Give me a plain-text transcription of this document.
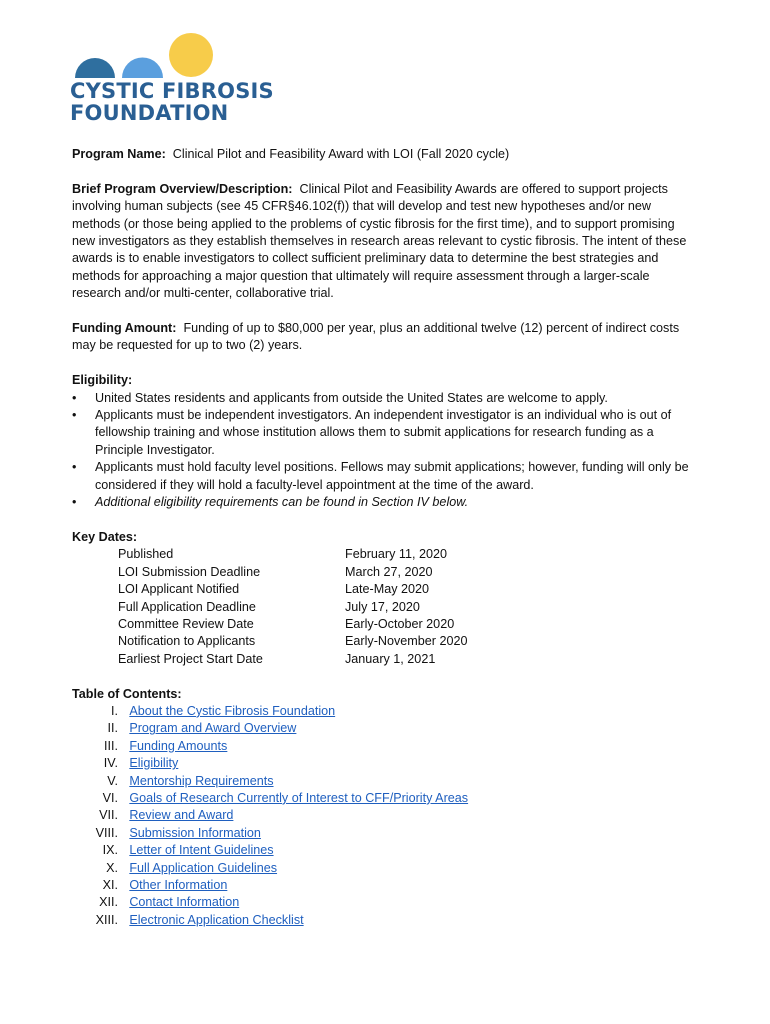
CYSTIC FIBROSIS
FOUNDATION

Program Name: Clinical Pilot and Feasibility Award with LOI (Fall 2020 cycle)

Brief Program Overview/Description: Clinical Pilot and Feasibility Awards are offered to support projects involving human subjects (see 45 CFR§46.102(f)) that will develop and test new hypotheses and/or new methods (or those being applied to the problems of cystic fibrosis for the first time), and to support promising new investigators as they establish themselves in research areas relevant to cystic fibrosis. The intent of these awards is to enable investigators to collect sufficient preliminary data to determine the best strategies and methods for approaching a major question that ultimately will require assessment through a larger-scale research and/or multi-center, collaborative trial.

Funding Amount: Funding of up to $80,000 per year, plus an additional twelve (12) percent of indirect costs may be requested for up to two (2) years.

Eligibility:

• United States residents and applicants from outside the United States are welcome to apply.
• Applicants must be independent investigators. An independent investigator is an individual who is out of fellowship training and whose institution allows them to submit applications for research funding as a Principle Investigator.
• Applicants must hold faculty level positions. Fellows may submit applications; however, funding will only be considered if they will hold a faculty-level appointment at the time of the award.
• Additional eligibility requirements can be found in Section IV below.

Key Dates:

Published	February 11, 2020
LOI Submission Deadline	March 27, 2020
LOI Applicant Notified	Late-May 2020
Full Application Deadline	July 17, 2020
Committee Review Date	Early-October 2020
Notification to Applicants	Early-November 2020
Earliest Project Start Date	January 1, 2021

Table of Contents:

I. About the Cystic Fibrosis Foundation
II. Program and Award Overview
III. Funding Amounts
IV. Eligibility
V. Mentorship Requirements
VI. Goals of Research Currently of Interest to CFF/Priority Areas
VII. Review and Award
VIII. Submission Information
IX. Letter of Intent Guidelines
X. Full Application Guidelines
XI. Other Information
XII. Contact Information
XIII. Electronic Application Checklist
